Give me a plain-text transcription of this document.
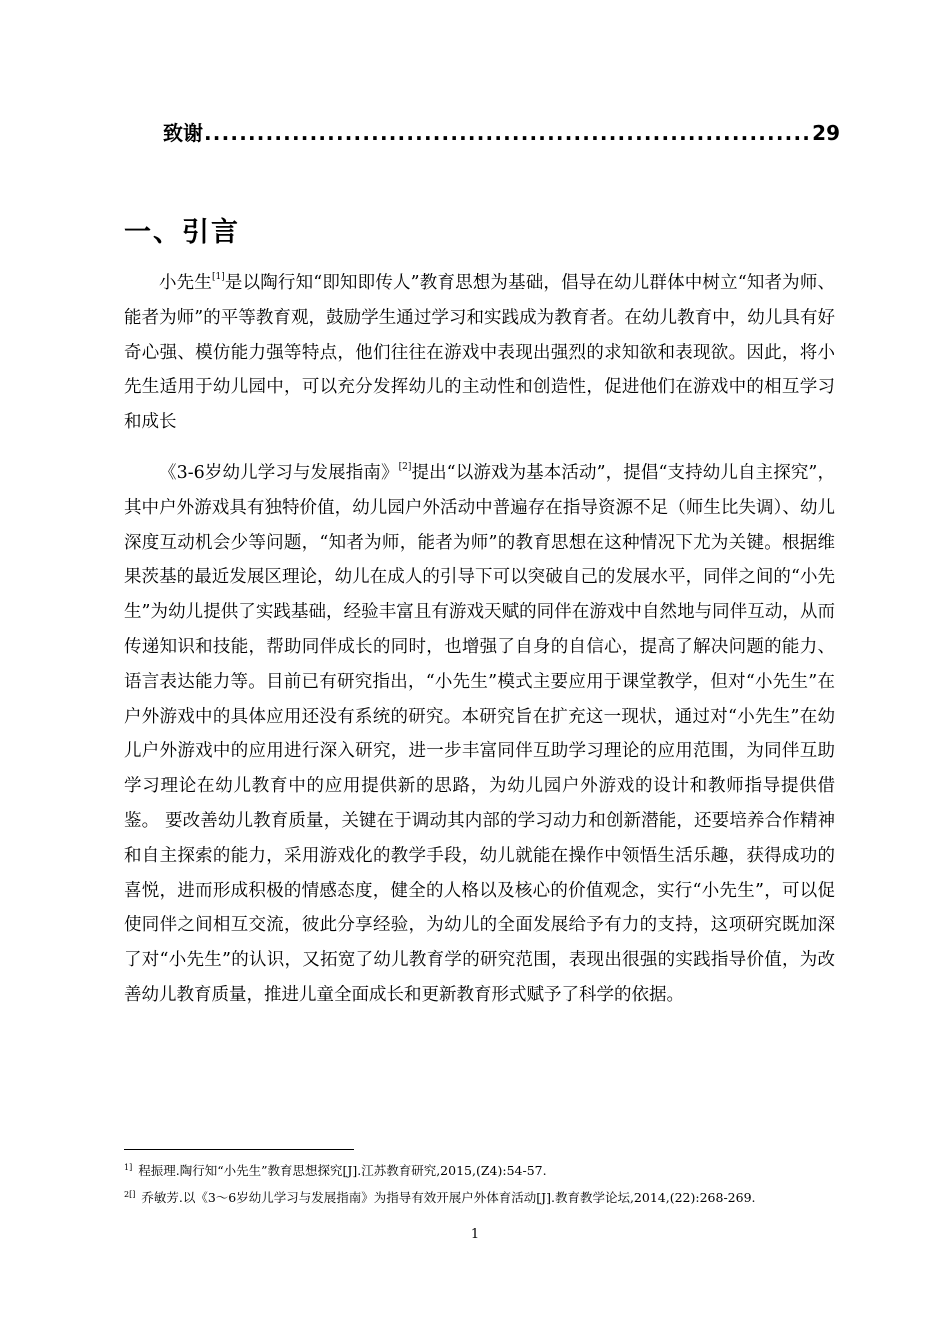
致谢
.....	29
一、引言

小先生[1]是以陶行知“即知即传人”教育思想为基础，倡导在幼儿群体中树立“知者为师、能者为师”的平等教育观，鼓励学生通过学习和实践成为教育者。在幼儿教育中，幼儿具有好奇心强、模仿能力强等特点，他们往往在游戏中表现出强烈的求知欲和表现欲。因此，将小先生适用于幼儿园中，可以充分发挥幼儿的主动性和创造性，促进他们在游戏中的相互学习和成长

《3-6岁幼儿学习与发展指南》[2]提出“以游戏为基本活动”，提倡“支持幼儿自主探究”，其中户外游戏具有独特价值，幼儿园户外活动中普遍存在指导资源不足（师生比失调）、幼儿深度互动机会少等问题，“知者为师，能者为师”的教育思想在这种情况下尤为关键。根据维果茨基的最近发展区理论，幼儿在成人的引导下可以突破自己的发展水平，同伴之间的“小先生”为幼儿提供了实践基础，经验丰富且有游戏天赋的同伴在游戏中自然地与同伴互动，从而传递知识和技能，帮助同伴成长的同时，也增强了自身的自信心，提高了解决问题的能力、语言表达能力等。目前已有研究指出，“小先生”模式主要应用于课堂教学，但对“小先生”在户外游戏中的具体应用还没有系统的研究。本研究旨在扩充这一现状，通过对“小先生”在幼儿户外游戏中的应用进行深入研究，进一步丰富同伴互助学习理论的应用范围，为同伴互助学习理论在幼儿教育中的应用提供新的思路，为幼儿园户外游戏的设计和教师指导提供借鉴。 要改善幼儿教育质量，关键在于调动其内部的学习动力和创新潜能，还要培养合作精神和自主探索的能力，采用游戏化的教学手段，幼儿就能在操作中领悟生活乐趣，获得成功的喜悦，进而形成积极的情感态度，健全的人格以及核心的价值观念，实行“小先生”，可以促使同伴之间相互交流，彼此分享经验，为幼儿的全面发展给予有力的支持，这项研究既加深了对“小先生”的认识，又拓宽了幼儿教育学的研究范围，表现出很强的实践指导价值，为改善幼儿教育质量，推进儿童全面成长和更新教育形式赋予了科学的依据。

$^{1]}$ 程振理.陶行知“小先生”教育思想探究[J].江苏教育研究,2015,(Z4):54-57.
$^{2[]}$ 乔敏芳.以《3～6岁幼儿学习与发展指南》为指导有效开展户外体育活动[J].教育教学论坛,2014,(22):268-269.
1
